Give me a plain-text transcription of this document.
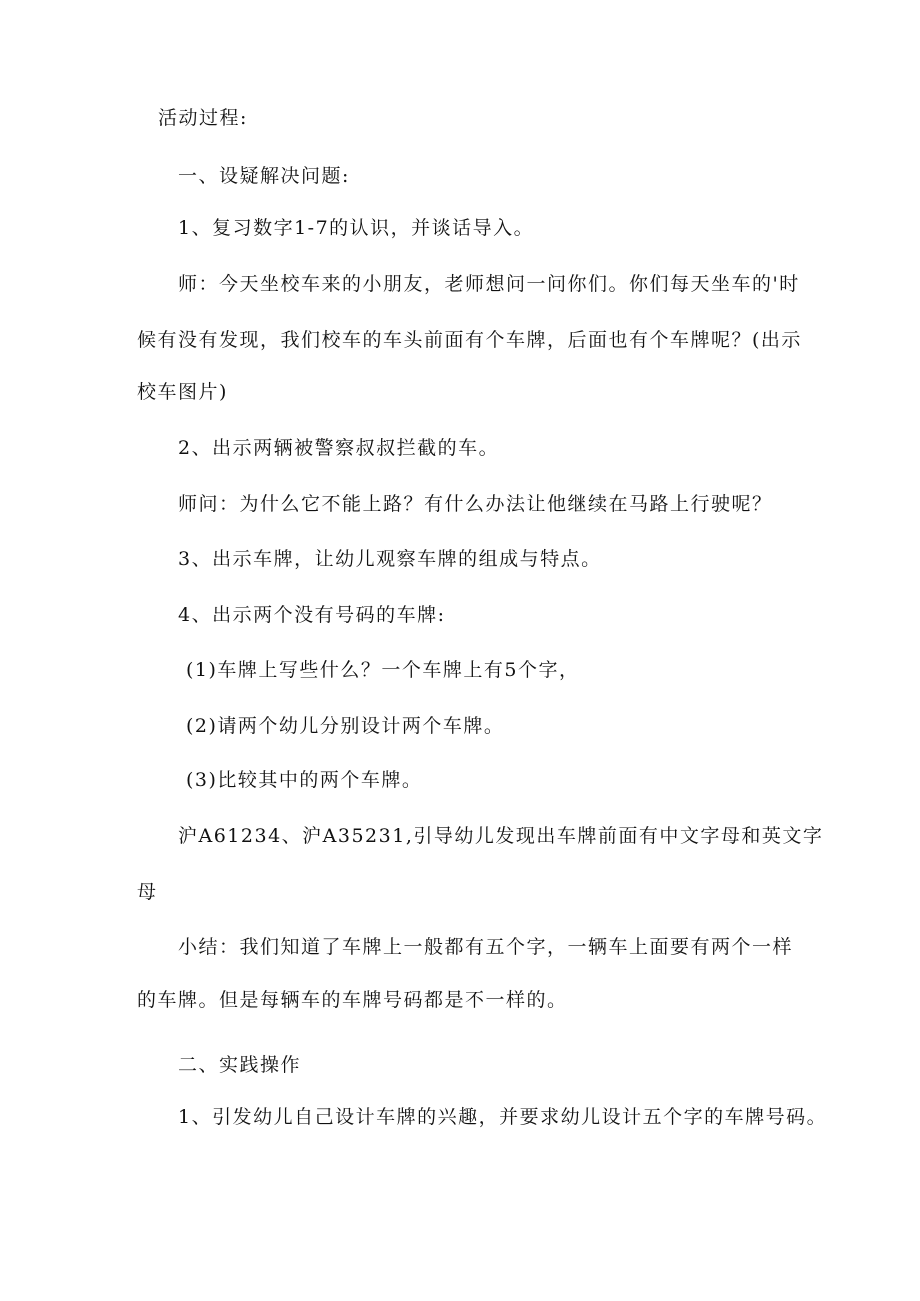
活动过程:
一、设疑解决问题:
1、复习数字1-7的认识，并谈话导入。
师：今天坐校车来的小朋友，老师想问一问你们。你们每天坐车的'时
候有没有发现，我们校车的车头前面有个车牌，后面也有个车牌呢？(出示
校车图片)
2、出示两辆被警察叔叔拦截的车。
师问：为什么它不能上路？有什么办法让他继续在马路上行驶呢？
3、出示车牌，让幼儿观察车牌的组成与特点。
4、出示两个没有号码的车牌:
(1)车牌上写些什么？一个车牌上有5个字，
(2)请两个幼儿分别设计两个车牌。
(3)比较其中的两个车牌。
沪A61234、沪A35231,引导幼儿发现出车牌前面有中文字母和英文字
母
小结：我们知道了车牌上一般都有五个字，一辆车上面要有两个一样
的车牌。但是每辆车的车牌号码都是不一样的。
二、实践操作
1、引发幼儿自己设计车牌的兴趣，并要求幼儿设计五个字的车牌号码。
